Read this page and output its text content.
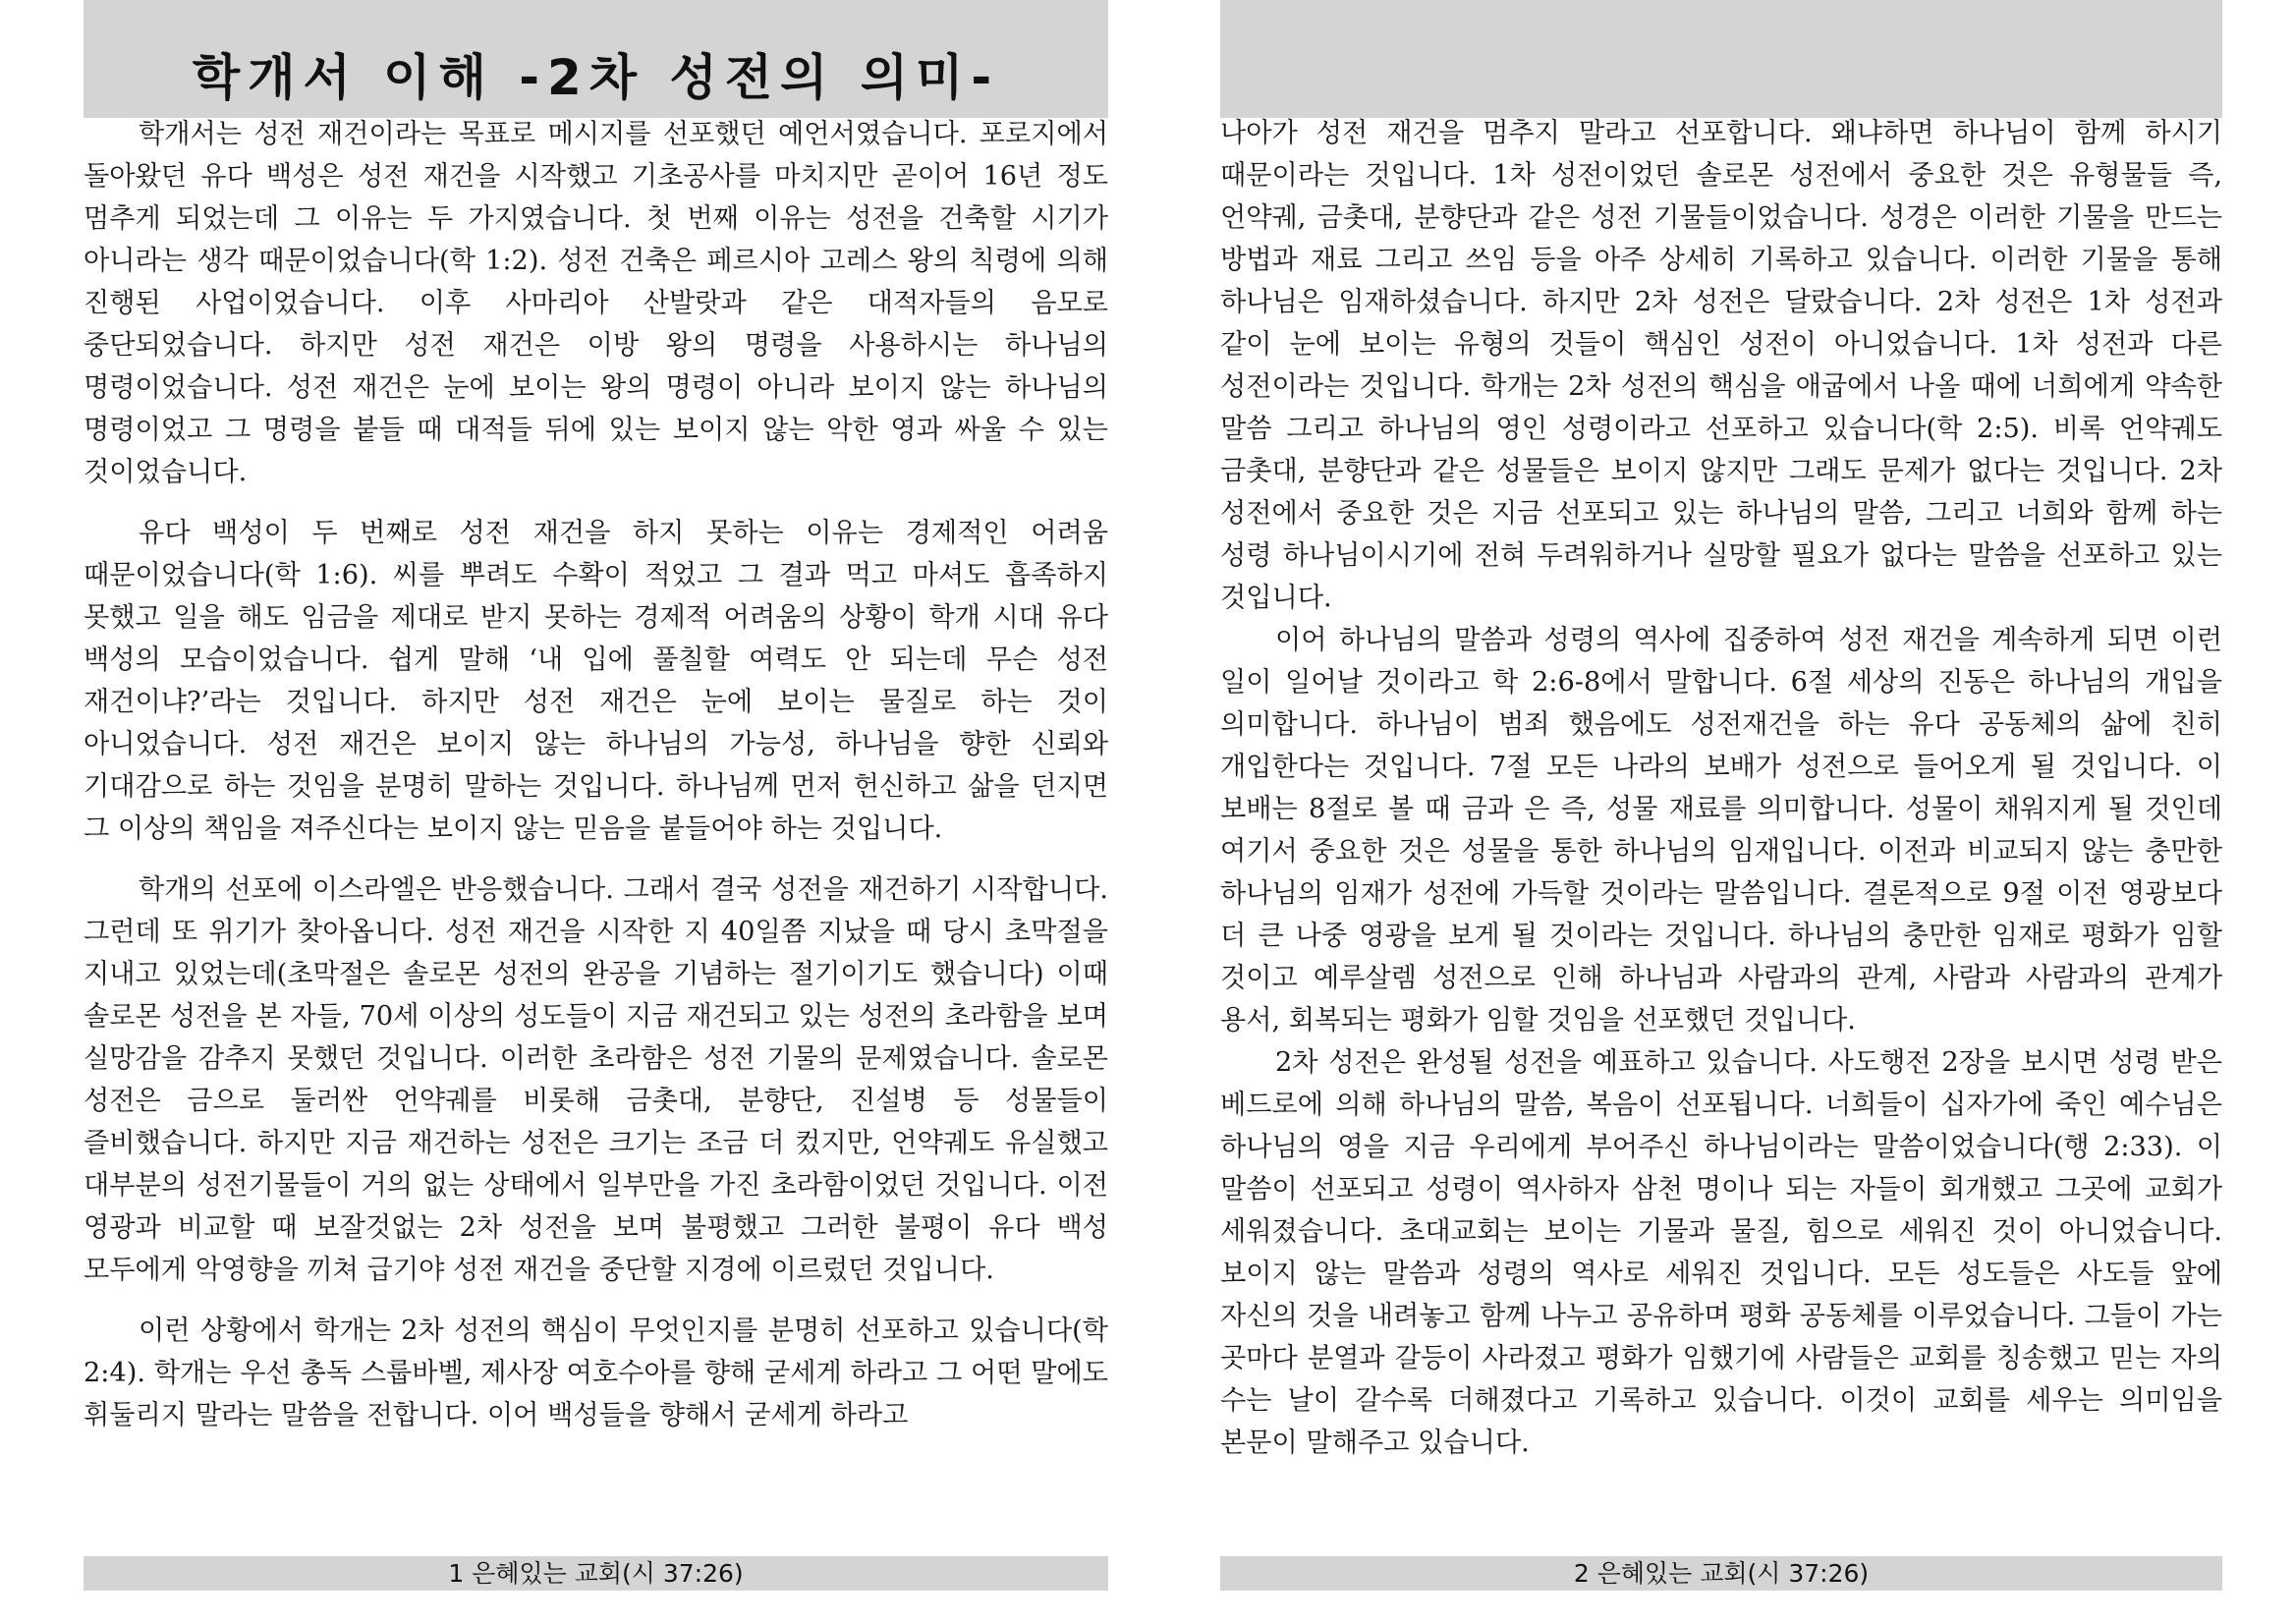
학개서 이해 -2차 성전의 의미-

학개서는 성전 재건이라는 목표로 메시지를 선포했던 예언서였습니다. 포로지에서 돌아왔던 유다 백성은 성전 재건을 시작했고 기초공사를 마치지만 곧이어 16년 정도 멈추게 되었는데 그 이유는 두 가지였습니다. 첫 번째 이유는 성전을 건축할 시기가 아니라는 생각 때문이었습니다(학 1:2). 성전 건축은 페르시아 고레스 왕의 칙령에 의해 진행된 사업이었습니다. 이후 사마리아 산발랏과 같은 대적자들의 음모로 중단되었습니다. 하지만 성전 재건은 이방 왕의 명령을 사용하시는 하나님의 명령이었습니다. 성전 재건은 눈에 보이는 왕의 명령이 아니라 보이지 않는 하나님의 명령이었고 그 명령을 붙들 때 대적들 뒤에 있는 보이지 않는 악한 영과 싸울 수 있는 것이었습니다.

유다 백성이 두 번째로 성전 재건을 하지 못하는 이유는 경제적인 어려움 때문이었습니다(학 1:6). 씨를 뿌려도 수확이 적었고 그 결과 먹고 마셔도 흡족하지 못했고 일을 해도 임금을 제대로 받지 못하는 경제적 어려움의 상황이 학개 시대 유다 백성의 모습이었습니다. 쉽게 말해 ‘내 입에 풀칠할 여력도 안 되는데 무슨 성전 재건이냐?’라는 것입니다. 하지만 성전 재건은 눈에 보이는 물질로 하는 것이 아니었습니다. 성전 재건은 보이지 않는 하나님의 가능성, 하나님을 향한 신뢰와 기대감으로 하는 것임을 분명히 말하는 것입니다. 하나님께 먼저 헌신하고 삶을 던지면 그 이상의 책임을 져주신다는 보이지 않는 믿음을 붙들어야 하는 것입니다.

학개의 선포에 이스라엘은 반응했습니다. 그래서 결국 성전을 재건하기 시작합니다. 그런데 또 위기가 찾아옵니다. 성전 재건을 시작한 지 40일쯤 지났을 때 당시 초막절을 지내고 있었는데(초막절은 솔로몬 성전의 완공을 기념하는 절기이기도 했습니다) 이때 솔로몬 성전을 본 자들, 70세 이상의 성도들이 지금 재건되고 있는 성전의 초라함을 보며 실망감을 감추지 못했던 것입니다. 이러한 초라함은 성전 기물의 문제였습니다. 솔로몬 성전은 금으로 둘러싼 언약궤를 비롯해 금촛대, 분향단, 진설병 등 성물들이 즐비했습니다. 하지만 지금 재건하는 성전은 크기는 조금 더 컸지만, 언약궤도 유실했고 대부분의 성전기물들이 거의 없는 상태에서 일부만을 가진 초라함이었던 것입니다. 이전 영광과 비교할 때 보잘것없는 2차 성전을 보며 불평했고 그러한 불평이 유다 백성 모두에게 악영향을 끼쳐 급기야 성전 재건을 중단할 지경에 이르렀던 것입니다.

이런 상황에서 학개는 2차 성전의 핵심이 무엇인지를 분명히 선포하고 있습니다(학 2:4). 학개는 우선 총독 스룹바벨, 제사장 여호수아를 향해 굳세게 하라고 그 어떤 말에도 휘둘리지 말라는 말씀을 전합니다. 이어 백성들을 향해서 굳세게 하라고

1 은혜있는 교회(시 37:26)

나아가 성전 재건을 멈추지 말라고 선포합니다. 왜냐하면 하나님이 함께 하시기 때문이라는 것입니다. 1차 성전이었던 솔로몬 성전에서 중요한 것은 유형물들 즉, 언약궤, 금촛대, 분향단과 같은 성전 기물들이었습니다. 성경은 이러한 기물을 만드는 방법과 재료 그리고 쓰임 등을 아주 상세히 기록하고 있습니다. 이러한 기물을 통해 하나님은 임재하셨습니다. 하지만 2차 성전은 달랐습니다. 2차 성전은 1차 성전과 같이 눈에 보이는 유형의 것들이 핵심인 성전이 아니었습니다. 1차 성전과 다른 성전이라는 것입니다. 학개는 2차 성전의 핵심을 애굽에서 나올 때에 너희에게 약속한 말씀 그리고 하나님의 영인 성령이라고 선포하고 있습니다(학 2:5). 비록 언약궤도 금촛대, 분향단과 같은 성물들은 보이지 않지만 그래도 문제가 없다는 것입니다. 2차 성전에서 중요한 것은 지금 선포되고 있는 하나님의 말씀, 그리고 너희와 함께 하는 성령 하나님이시기에 전혀 두려워하거나 실망할 필요가 없다는 말씀을 선포하고 있는 것입니다.

이어 하나님의 말씀과 성령의 역사에 집중하여 성전 재건을 계속하게 되면 이런 일이 일어날 것이라고 학 2:6-8에서 말합니다. 6절 세상의 진동은 하나님의 개입을 의미합니다. 하나님이 범죄 했음에도 성전재건을 하는 유다 공동체의 삶에 친히 개입한다는 것입니다. 7절 모든 나라의 보배가 성전으로 들어오게 될 것입니다. 이 보배는 8절로 볼 때 금과 은 즉, 성물 재료를 의미합니다. 성물이 채워지게 될 것인데 여기서 중요한 것은 성물을 통한 하나님의 임재입니다. 이전과 비교되지 않는 충만한 하나님의 임재가 성전에 가득할 것이라는 말씀입니다. 결론적으로 9절 이전 영광보다 더 큰 나중 영광을 보게 될 것이라는 것입니다. 하나님의 충만한 임재로 평화가 임할 것이고 예루살렘 성전으로 인해 하나님과 사람과의 관계, 사람과 사람과의 관계가 용서, 회복되는 평화가 임할 것임을 선포했던 것입니다.

2차 성전은 완성될 성전을 예표하고 있습니다. 사도행전 2장을 보시면 성령 받은 베드로에 의해 하나님의 말씀, 복음이 선포됩니다. 너희들이 십자가에 죽인 예수님은 하나님의 영을 지금 우리에게 부어주신 하나님이라는 말씀이었습니다(행 2:33). 이 말씀이 선포되고 성령이 역사하자 삼천 명이나 되는 자들이 회개했고 그곳에 교회가 세워졌습니다. 초대교회는 보이는 기물과 물질, 힘으로 세워진 것이 아니었습니다. 보이지 않는 말씀과 성령의 역사로 세워진 것입니다. 모든 성도들은 사도들 앞에 자신의 것을 내려놓고 함께 나누고 공유하며 평화 공동체를 이루었습니다. 그들이 가는 곳마다 분열과 갈등이 사라졌고 평화가 임했기에 사람들은 교회를 칭송했고 믿는 자의 수는 날이 갈수록 더해졌다고 기록하고 있습니다. 이것이 교회를 세우는 의미임을 본문이 말해주고 있습니다.

2 은혜있는 교회(시 37:26)
